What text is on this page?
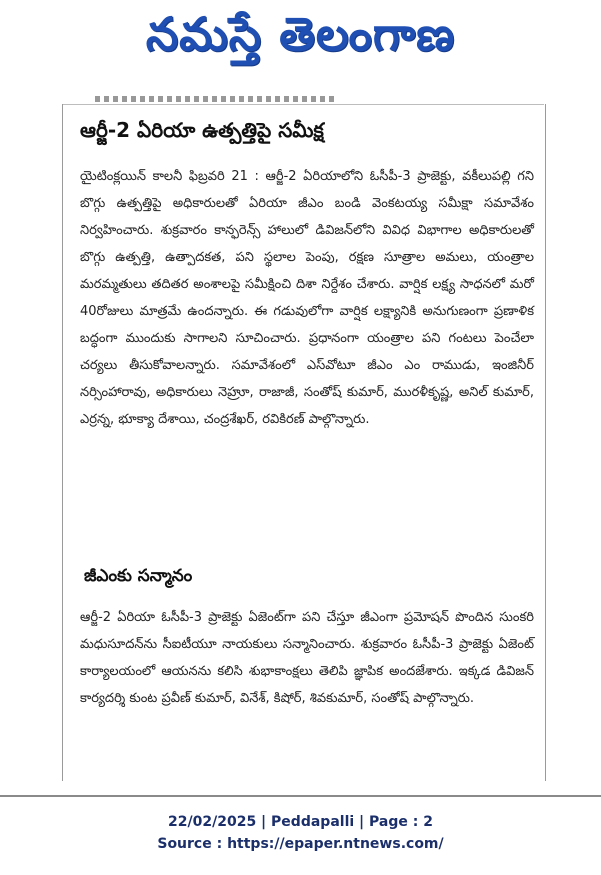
నమస్తే తెలంగాణ
ఆర్జీ-2 ఏరియా ఉత్పత్తిపై సమీక్ష

యైటింక్లయిన్ కాలనీ ఫిబ్రవరి 21 : ఆర్జీ-2 ఏరియాలోని ఓసీపీ-3 ప్రాజెక్టు, వకీలుపల్లి గని బొగ్గు ఉత్పత్తిపై అధికారులతో ఏరియా జీఎం బండి వెంకటయ్య సమీక్షా సమావేశం నిర్వహించారు. శుక్రవారం కాన్ఫరెన్స్ హాలులో డివిజన్‌లోని వివిధ విభాగాల అధికారులతో బొగ్గు ఉత్పత్తి, ఉత్పాదకత, పని స్థలాల పెంపు, రక్షణ సూత్రాల అమలు, యంత్రాల మరమ్మతులు తదితర అంశాలపై సమీక్షించి దిశా నిర్దేశం చేశారు. వార్షిక లక్ష్య సాధనలో మరో 40రోజులు మాత్రమే ఉందన్నారు. ఈ గడువులోగా వార్షిక లక్ష్యానికి అనుగుణంగా ప్రణాళిక బద్ధంగా ముందుకు సాగాలని సూచించారు. ప్రధానంగా యంత్రాల పని గంటలు పెంచేలా చర్యలు తీసుకోవాలన్నారు. సమావేశంలో ఎస్‌వోటూ జీఎం ఎం రాముడు, ఇంజినీర్ నర్సింహారావు, అధికారులు నెహ్రూ, రాజాజీ, సంతోష్ కుమార్, మురళీకృష్ణ, అనిల్ కుమార్, ఎర్రన్న, భూక్యా దేశాయి, చంద్రశేఖర్, రవికిరణ్ పాల్గొన్నారు.

జీఎంకు సన్మానం

ఆర్జీ-2 ఏరియా ఓసీపీ-3 ప్రాజెక్టు ఏజెంట్‌గా పని చేస్తూ జీఎంగా ప్రమోషన్ పొందిన సుంకరి మధుసూదన్‌ను సీఐటీయూ నాయకులు సన్మానించారు. శుక్రవారం ఓసీపీ-3 ప్రాజెక్టు ఏజెంట్ కార్యాలయంలో ఆయనను కలిసి శుభాకాంక్షలు తెలిపి జ్ఞాపిక అందజేశారు. ఇక్కడ డివిజన్ కార్యదర్శి కుంట ప్రవీణ్ కుమార్, వినేశ్, కిషోర్, శివకుమార్, సంతోష్ పాల్గొన్నారు.

22/02/2025 | Peddapalli | Page : 2
Source : https://epaper.ntnews.com/
